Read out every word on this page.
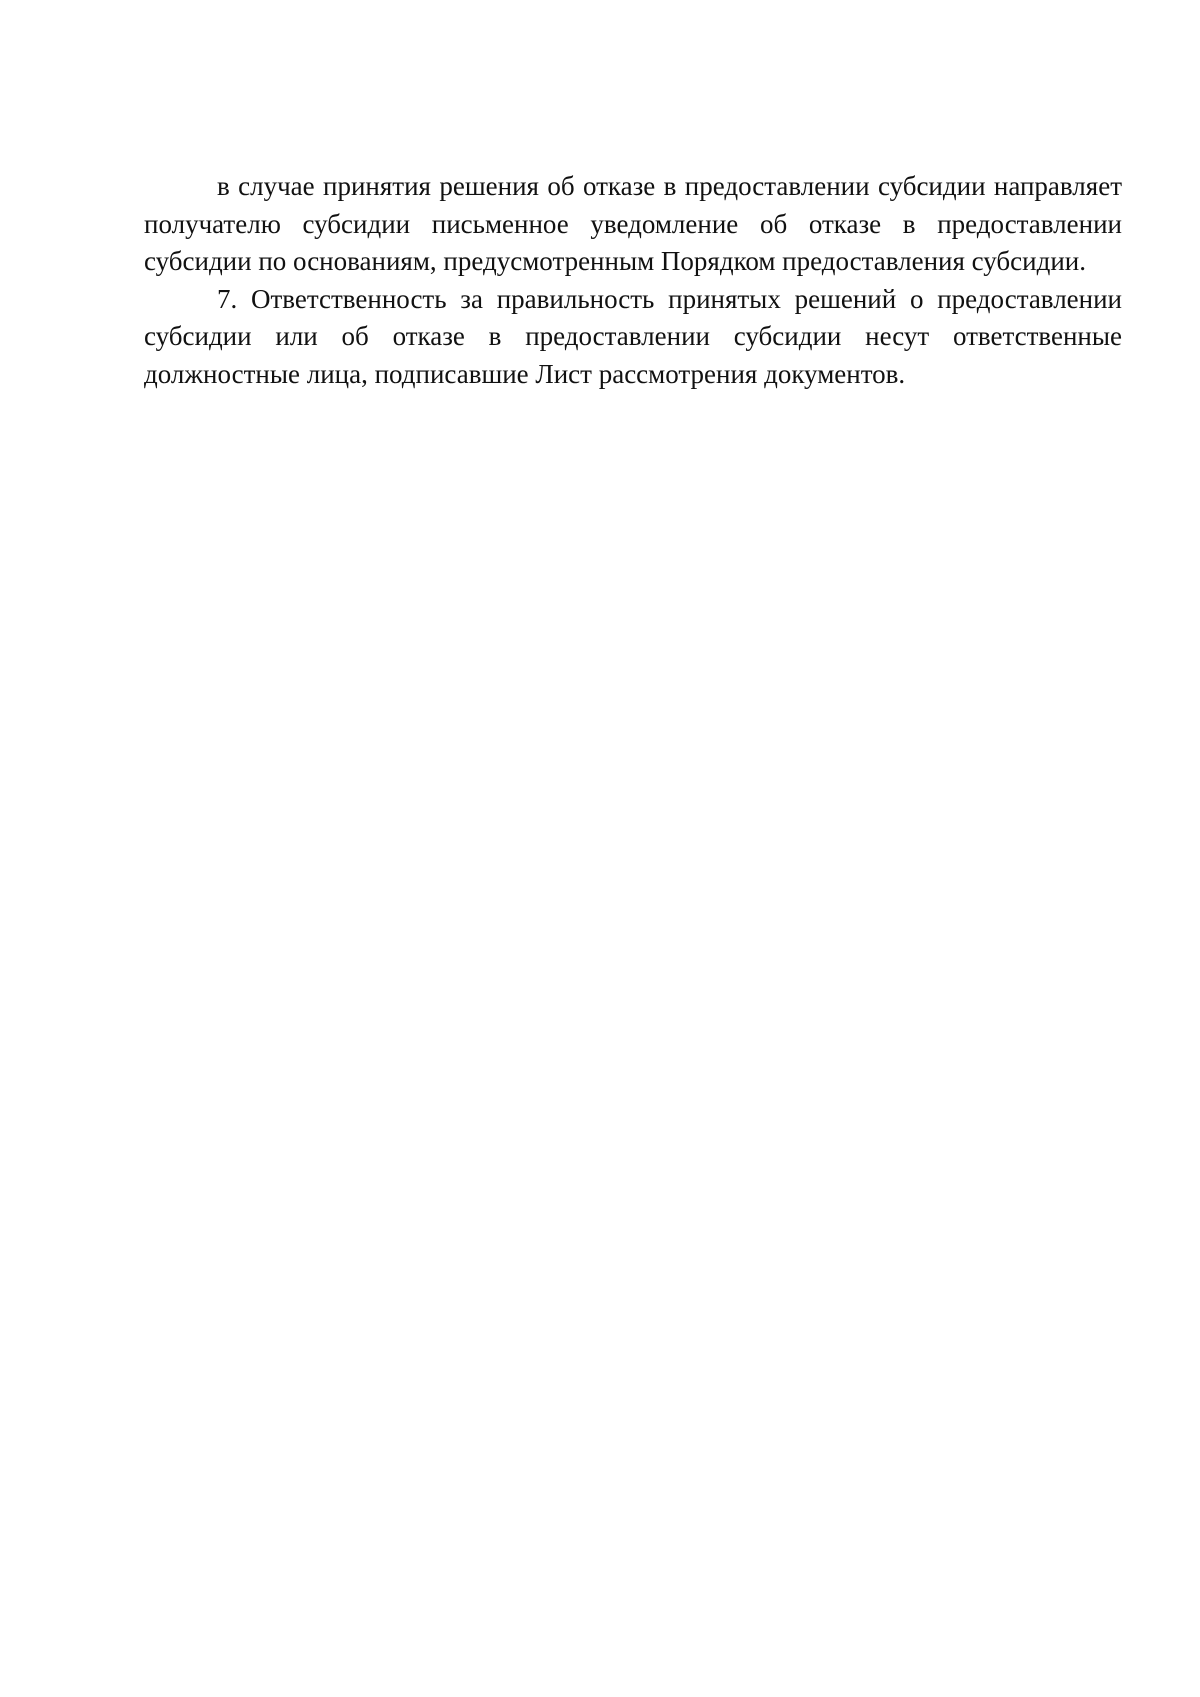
в случае принятия решения об отказе в предоставлении субсидии направляет получателю субсидии письменное уведомление об отказе в предоставлении субсидии по основаниям, предусмотренным Порядком предоставления субсидии.

7. Ответственность за правильность принятых решений о предоставлении субсидии или об отказе в предоставлении субсидии несут ответственные должностные лица, подписавшие Лист рассмотрения документов.
